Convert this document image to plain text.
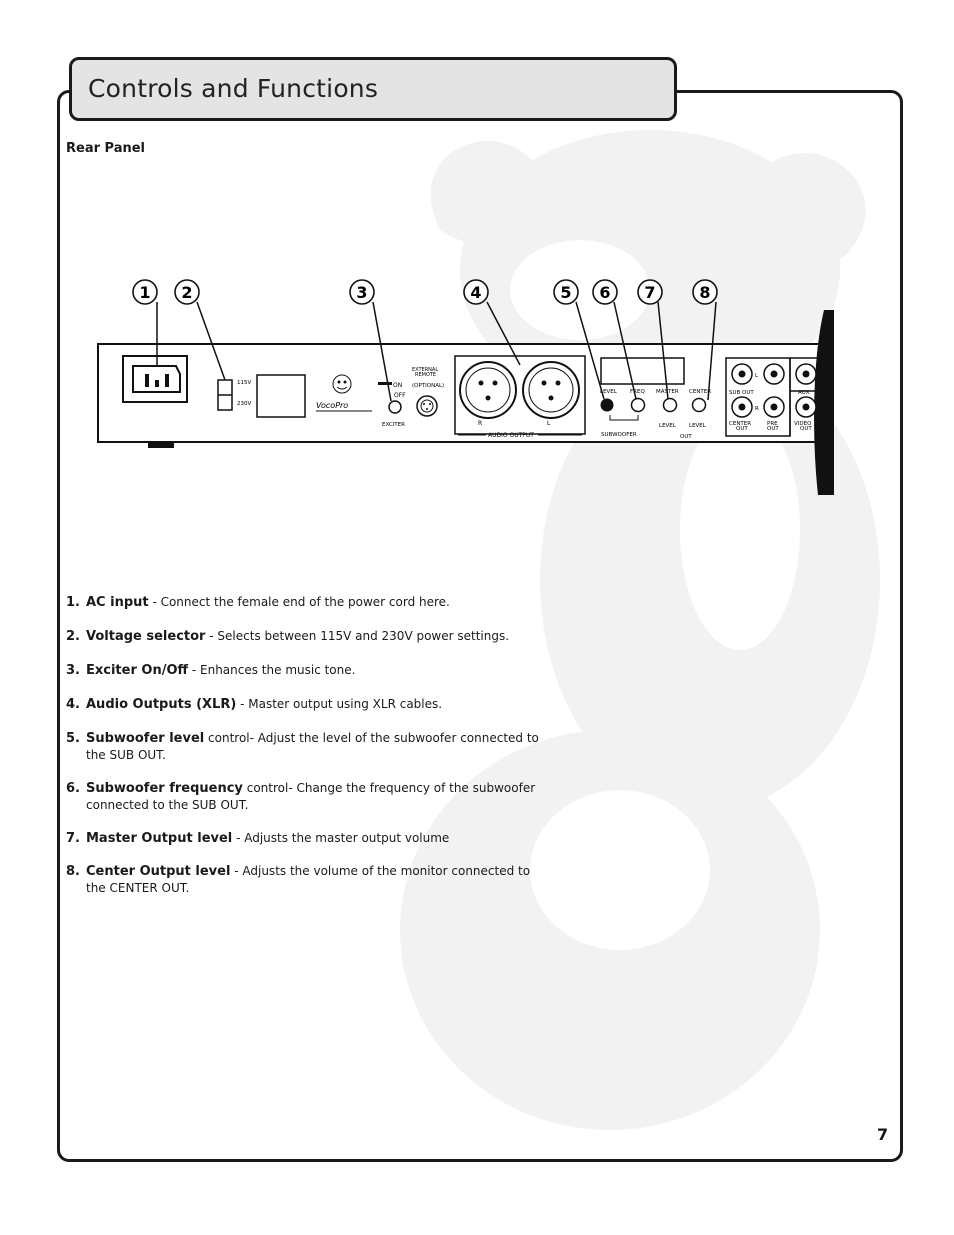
Controls and Functions
Rear Panel
115V
230V	VocoPro
ON
OFF
EXCITER
EXTERNAL
REMOTE
(OPTIONAL)
R	L
AUDIO OUTPUT
LEVEL FREQ MASTER CENTER
SUBWOOFER
LEVEL LEVEL
OUT
L
R
SUB OUT
CENTER
OUT
PRE
OUT
AUX
VIDEO
OUT
1 2	3	4	5 6 7	8
1. AC input - Connect the female end of the power cord here.
2. Voltage selector - Selects between 115V and 230V power settings.
3. Exciter On/Off - Enhances the music tone.
4. Audio Outputs (XLR) - Master output using XLR cables.
5. Subwoofer level control- Adjust the level of the subwoofer connected to the SUB OUT.
6. Subwoofer frequency control- Change the frequency of the subwoofer connected to the SUB OUT.
7. Master Output level - Adjusts the master output volume
8. Center Output level - Adjusts the volume of the monitor connected to the CENTER OUT.
7
